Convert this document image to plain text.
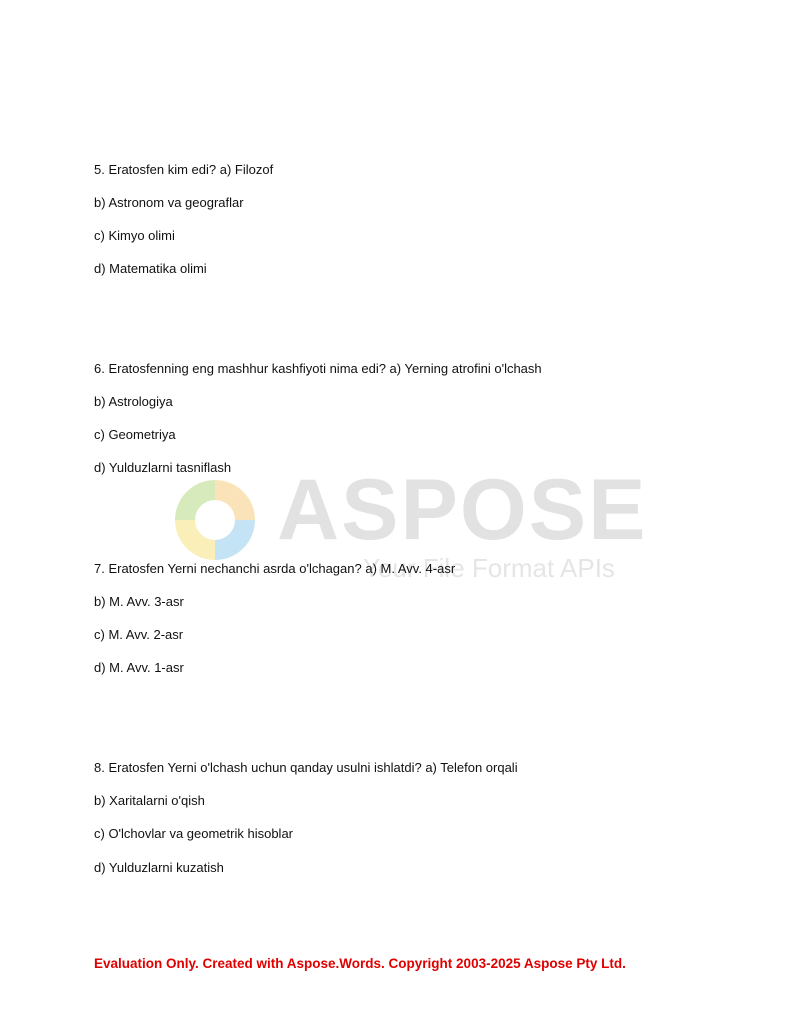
ASPOSE
Your File Format APIs

5. Eratosfen kim edi? a) Filozof

b) Astronom va geograflar

c) Kimyo olimi

d) Matematika olimi

6. Eratosfenning eng mashhur kashfiyoti nima edi? a) Yerning atrofini o'lchash

b) Astrologiya

c) Geometriya

d) Yulduzlarni tasniflash

7. Eratosfen Yerni nechanchi asrda o'lchagan? a) M. Avv. 4-asr

b) M. Avv. 3-asr

c) M. Avv. 2-asr

d) M. Avv. 1-asr

8. Eratosfen Yerni o'lchash uchun qanday usulni ishlatdi? a) Telefon orqali

b) Xaritalarni o'qish

c) O'lchovlar va geometrik hisoblar

d) Yulduzlarni kuzatish

Evaluation Only. Created with Aspose.Words. Copyright 2003-2025 Aspose Pty Ltd.
